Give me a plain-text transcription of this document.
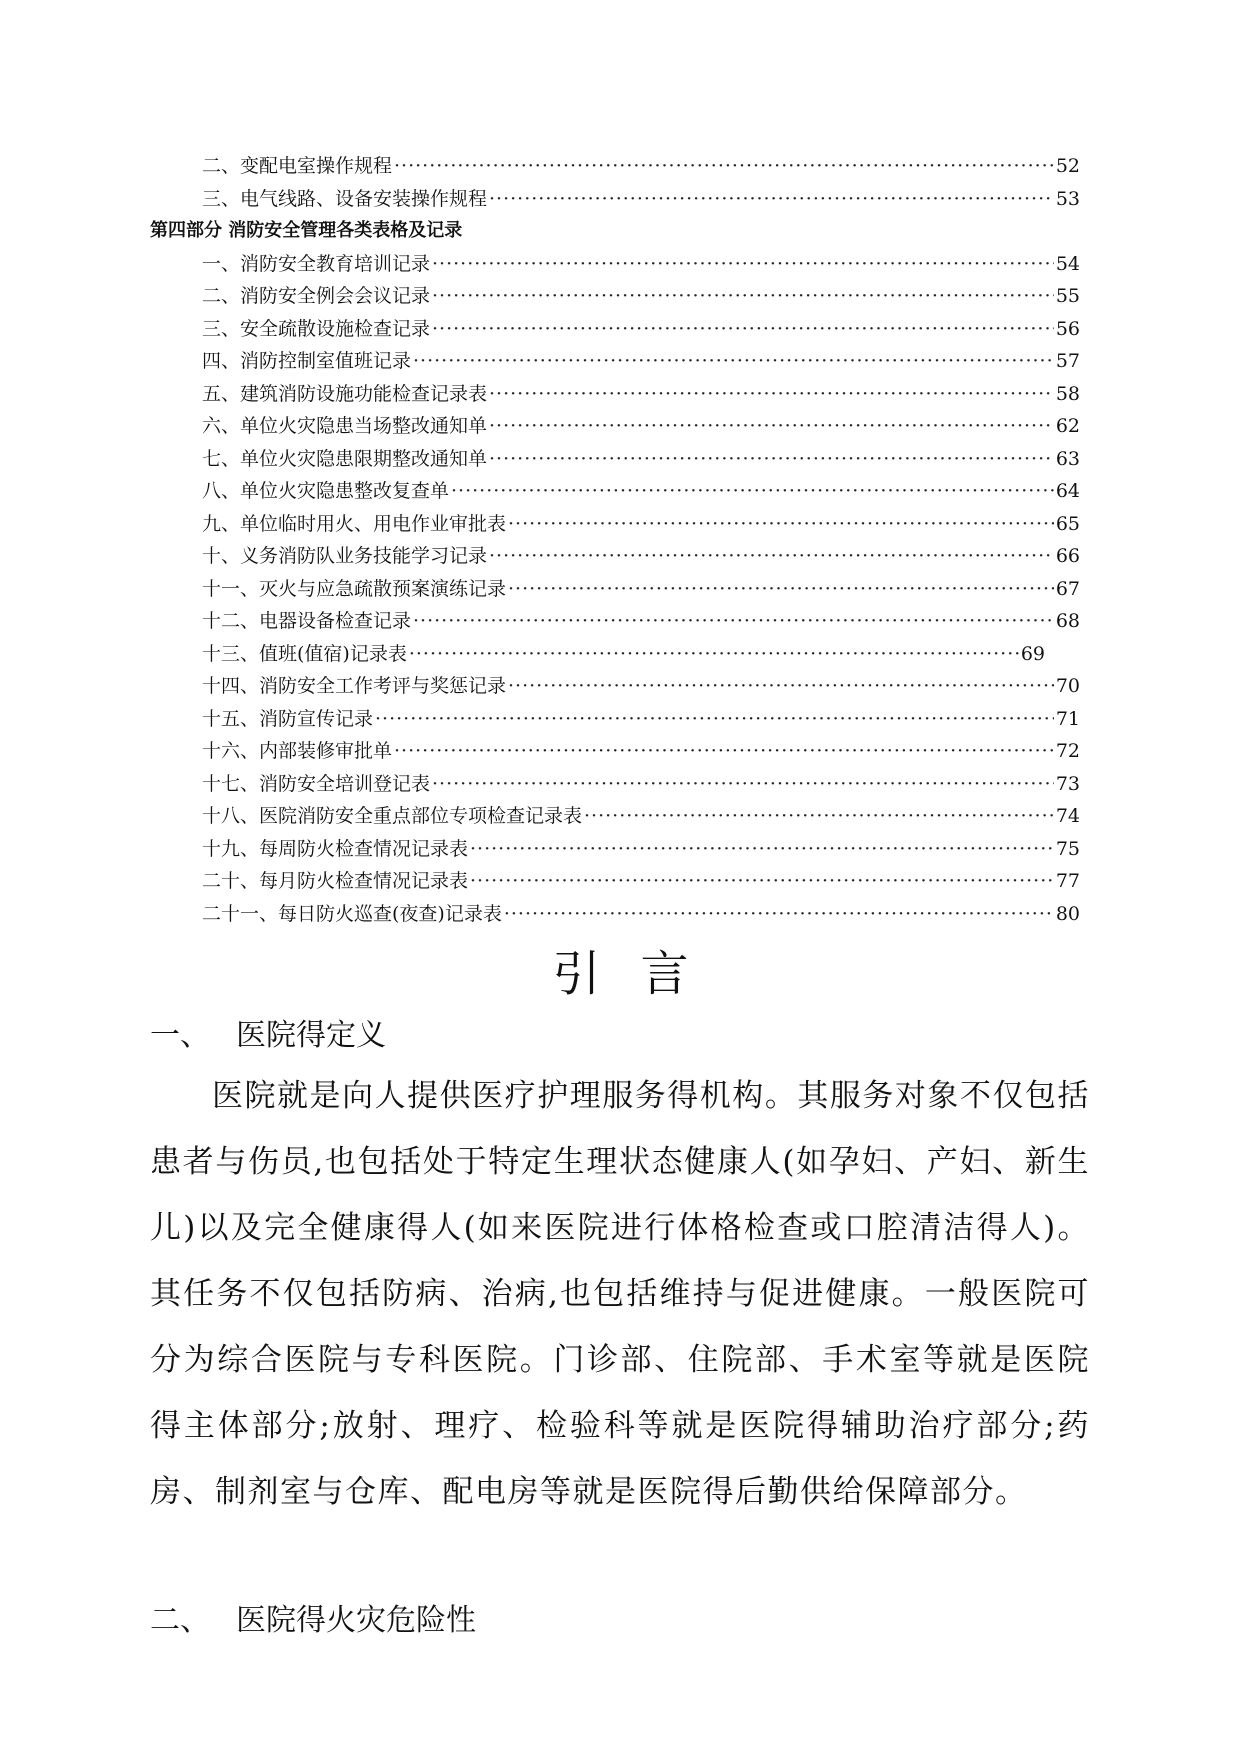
二、变配电室操作规程 ·····	52
三、电气线路、设备安装操作规程 ·····	53
第四部分 消防安全管理各类表格及记录
一、消防安全教育培训记录 ·····	54
二、消防安全例会会议记录 ·····	55
三、安全疏散设施检查记录 ·····	56
四、消防控制室值班记录 ·····	57
五、建筑消防设施功能检查记录表 ·····	58
六、单位火灾隐患当场整改通知单 ·····	62
七、单位火灾隐患限期整改通知单 ·····	63
八、单位火灾隐患整改复查单 ·····	64
九、单位临时用火、用电作业审批表 ·····	65
十、义务消防队业务技能学习记录 ·····	66
十一、灭火与应急疏散预案演练记录 ·····	67
十二、电器设备检查记录 ·····	68
十三、值班(值宿)记录表 ·····	69
十四、消防安全工作考评与奖惩记录 ·····	70
十五、消防宣传记录 ·····	71
十六、内部装修审批单 ·····	72
十七、消防安全培训登记表 ·····	73
十八、医院消防安全重点部位专项检查记录表 ·····	74
十九、每周防火检查情况记录表 ·····	75
二十、每月防火检查情况记录表 ·····	77
二十一、每日防火巡查(夜查)记录表 ·····	80
引言
一、 医院得定义
医院就是向人提供医疗护理服务得机构。其服务对象不仅包括患者与伤员,也包括处于特定生理状态健康人(如孕妇、产妇、新生儿)以及完全健康得人(如来医院进行体格检查或口腔清洁得人)。其任务不仅包括防病、治病,也包括维持与促进健康。一般医院可分为综合医院与专科医院。门诊部、住院部、手术室等就是医院得主体部分;放射、理疗、检验科等就是医院得辅助治疗部分;药房、制剂室与仓库、配电房等就是医院得后勤供给保障部分。
二、 医院得火灾危险性
